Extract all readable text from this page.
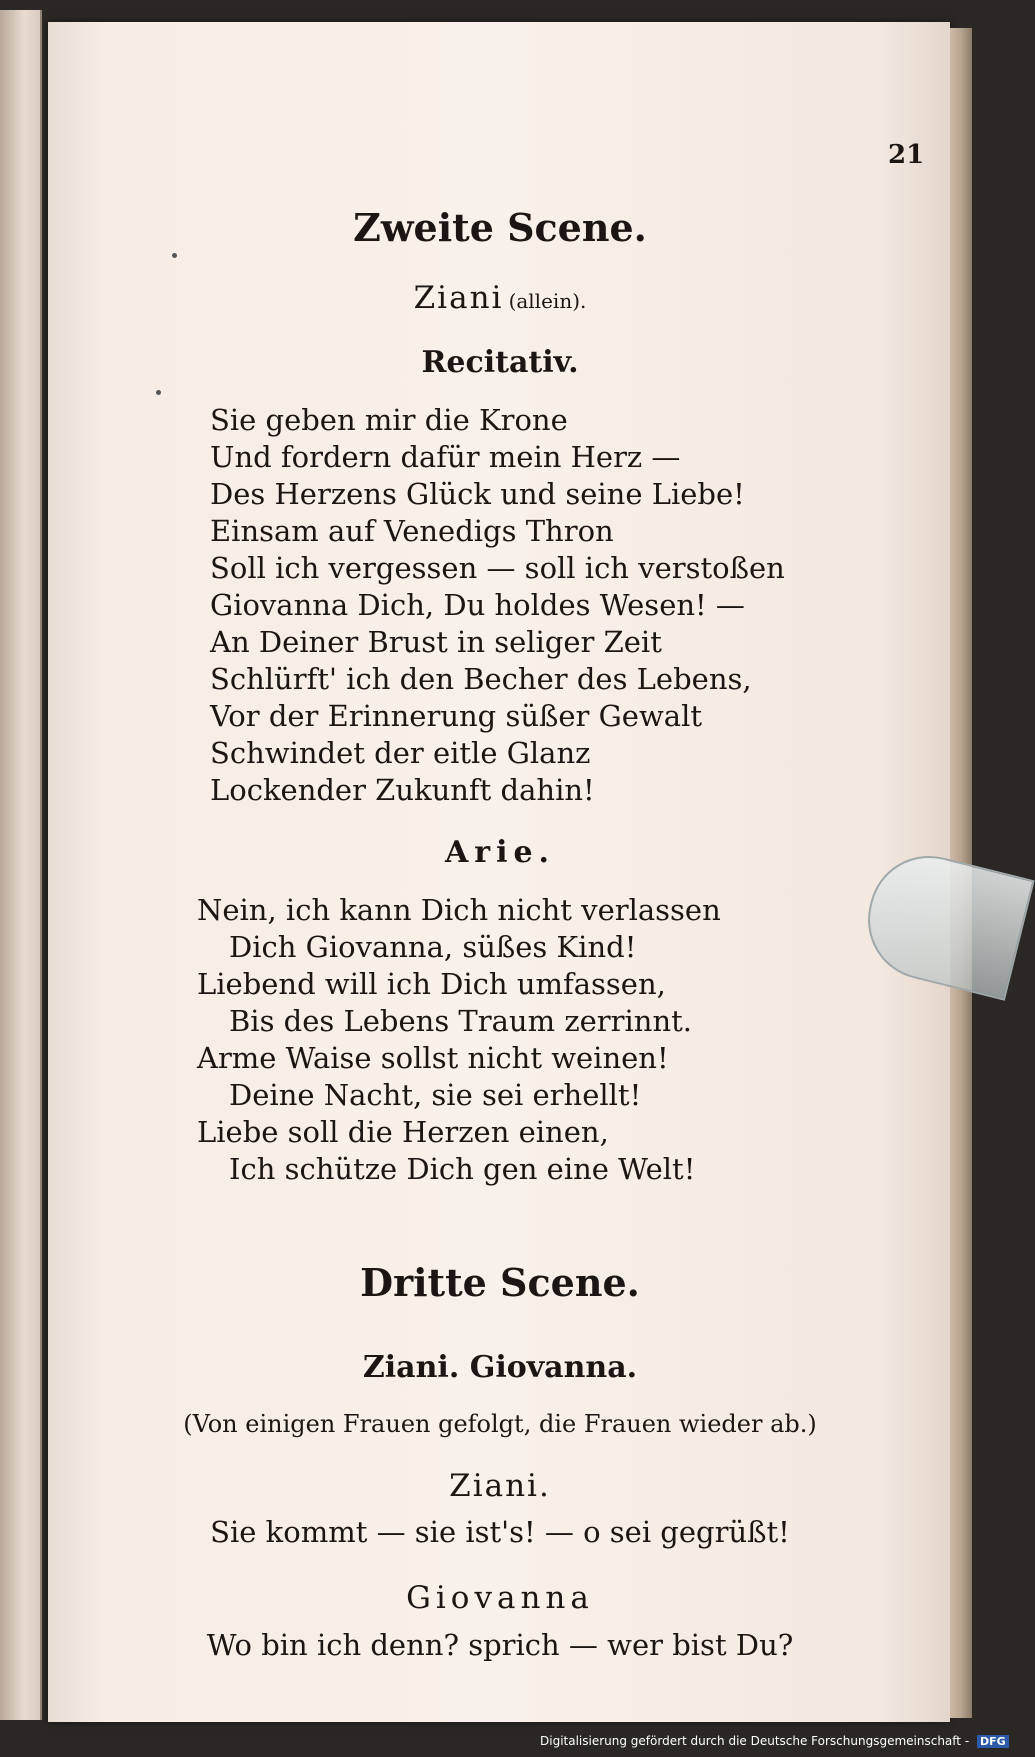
21
Zweite Scene.
Ziani (allein).
Recitativ.
Sie geben mir die Krone
Und fordern dafür mein Herz —
Des Herzens Glück und seine Liebe!
Einsam auf Venedigs Thron
Soll ich vergessen — soll ich verstoßen
Giovanna Dich, Du holdes Wesen! —
An Deiner Brust in seliger Zeit
Schlürft' ich den Becher des Lebens,
Vor der Erinnerung süßer Gewalt
Schwindet der eitle Glanz
Lockender Zukunft dahin!
Arie.
Nein, ich kann Dich nicht verlassen
Dich Giovanna, süßes Kind!
Liebend will ich Dich umfassen,
Bis des Lebens Traum zerrinnt.
Arme Waise sollst nicht weinen!
Deine Nacht, sie sei erhellt!
Liebe soll die Herzen einen,
Ich schütze Dich gen eine Welt!
Dritte Scene.
Ziani. Giovanna.
(Von einigen Frauen gefolgt, die Frauen wieder ab.)
Ziani.
Sie kommt — sie ist's! — o sei gegrüßt!
Giovanna
Wo bin ich denn? sprich — wer bist Du?
Digitalisierung gefördert durch die Deutsche Forschungsgemeinschaft - DFG
